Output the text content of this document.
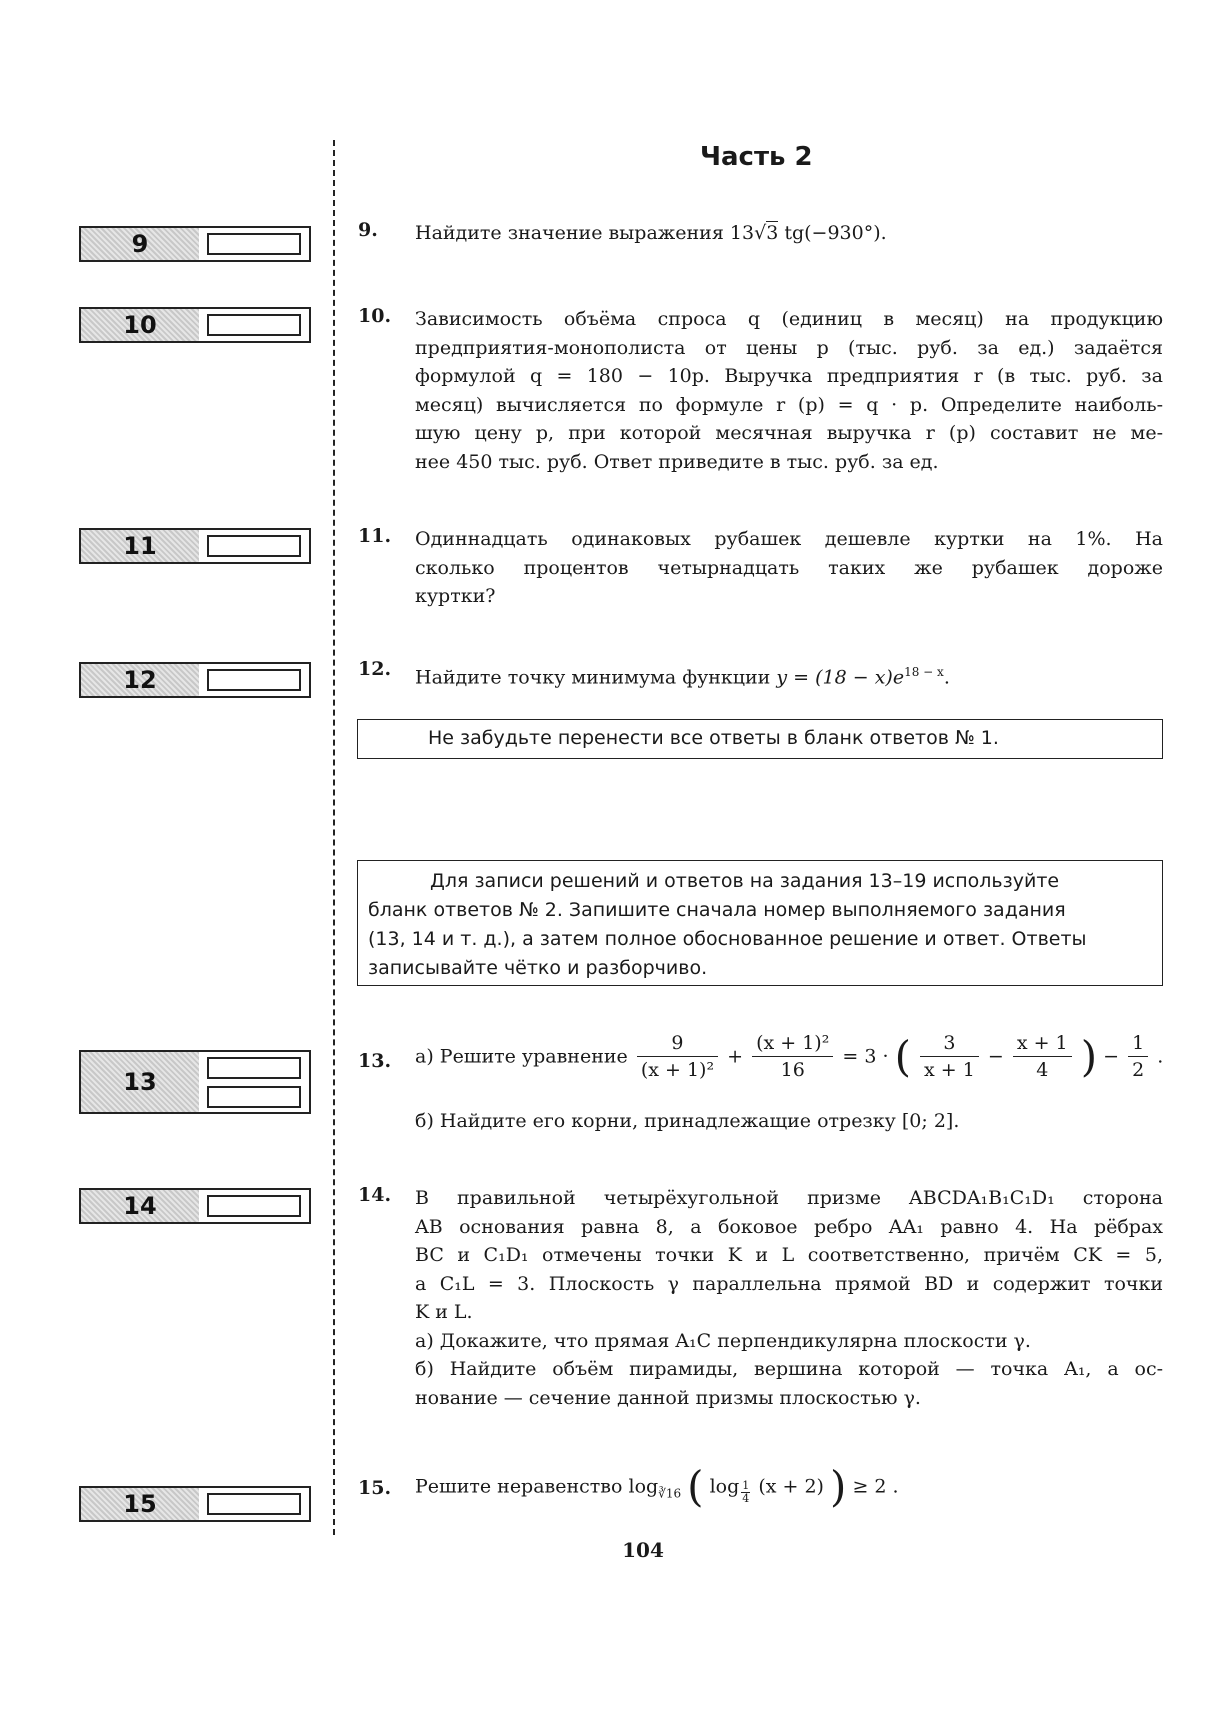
9
10
11
12
13
14
15
Часть 2
9. Найдите значение выражения 13√3 tg(−930°).
10. Зависимость объёма спроса q (единиц в месяц) на продукцию
предприятия-монополиста от цены p (тыс. руб. за ед.) задаётся
формулой q = 180 − 10p. Выручка предприятия r (в тыс. руб. за
месяц) вычисляется по формуле r (p) = q · p. Определите наиболь-
шую цену p, при которой месячная выручка r (p) составит не ме-
нее 450 тыс. руб. Ответ приведите в тыс. руб. за ед.
11. Одиннадцать одинаковых рубашек дешевле куртки на 1%. На
сколько процентов четырнадцать таких же рубашек дороже
куртки?
12. Найдите точку минимума функции $y = (18 - x)e^{18 - x}$.
Не забудьте перенести все ответы в бланк ответов № 1.
Для записи решений и ответов на задания 13–19 используйте
бланк ответов № 2. Запишите сначала номер выполняемого задания
(13, 14 и т. д.), а затем полное обоснованное решение и ответ. Ответы
записывайте чётко и разборчиво.
13. а) Решите уравнение $\frac{9}{\text{(x + 1)²}} + \frac{\text{(x + 1)²}}{16} = 3$ · ( $\frac{3}{x + 1} - \frac{x + 1}{4}$ ) − $\frac{1}{2}$ .
б) Найдите его корни, принадлежащие отрезку [0; 2].
14. В правильной четырёхугольной призме ABCDA₁B₁C₁D₁ сторона
AB основания равна 8, а боковое ребро AA₁ равно 4. На рёбрах
BC и C₁D₁ отмечены точки K и L соответственно, причём CK = 5,
а C₁L = 3. Плоскость γ параллельна прямой BD и содержит точки
K и L.
а) Докажите, что прямая A₁C перпендикулярна плоскости γ.
б) Найдите объём пирамиды, вершина которой — точка A₁, а ос-
нование — сечение данной призмы плоскостью γ.
15. Решите неравенство $\log_{∛16}$ ( $\log \frac{1}{4} (x + 2)$ ) ≥ 2 .
104
